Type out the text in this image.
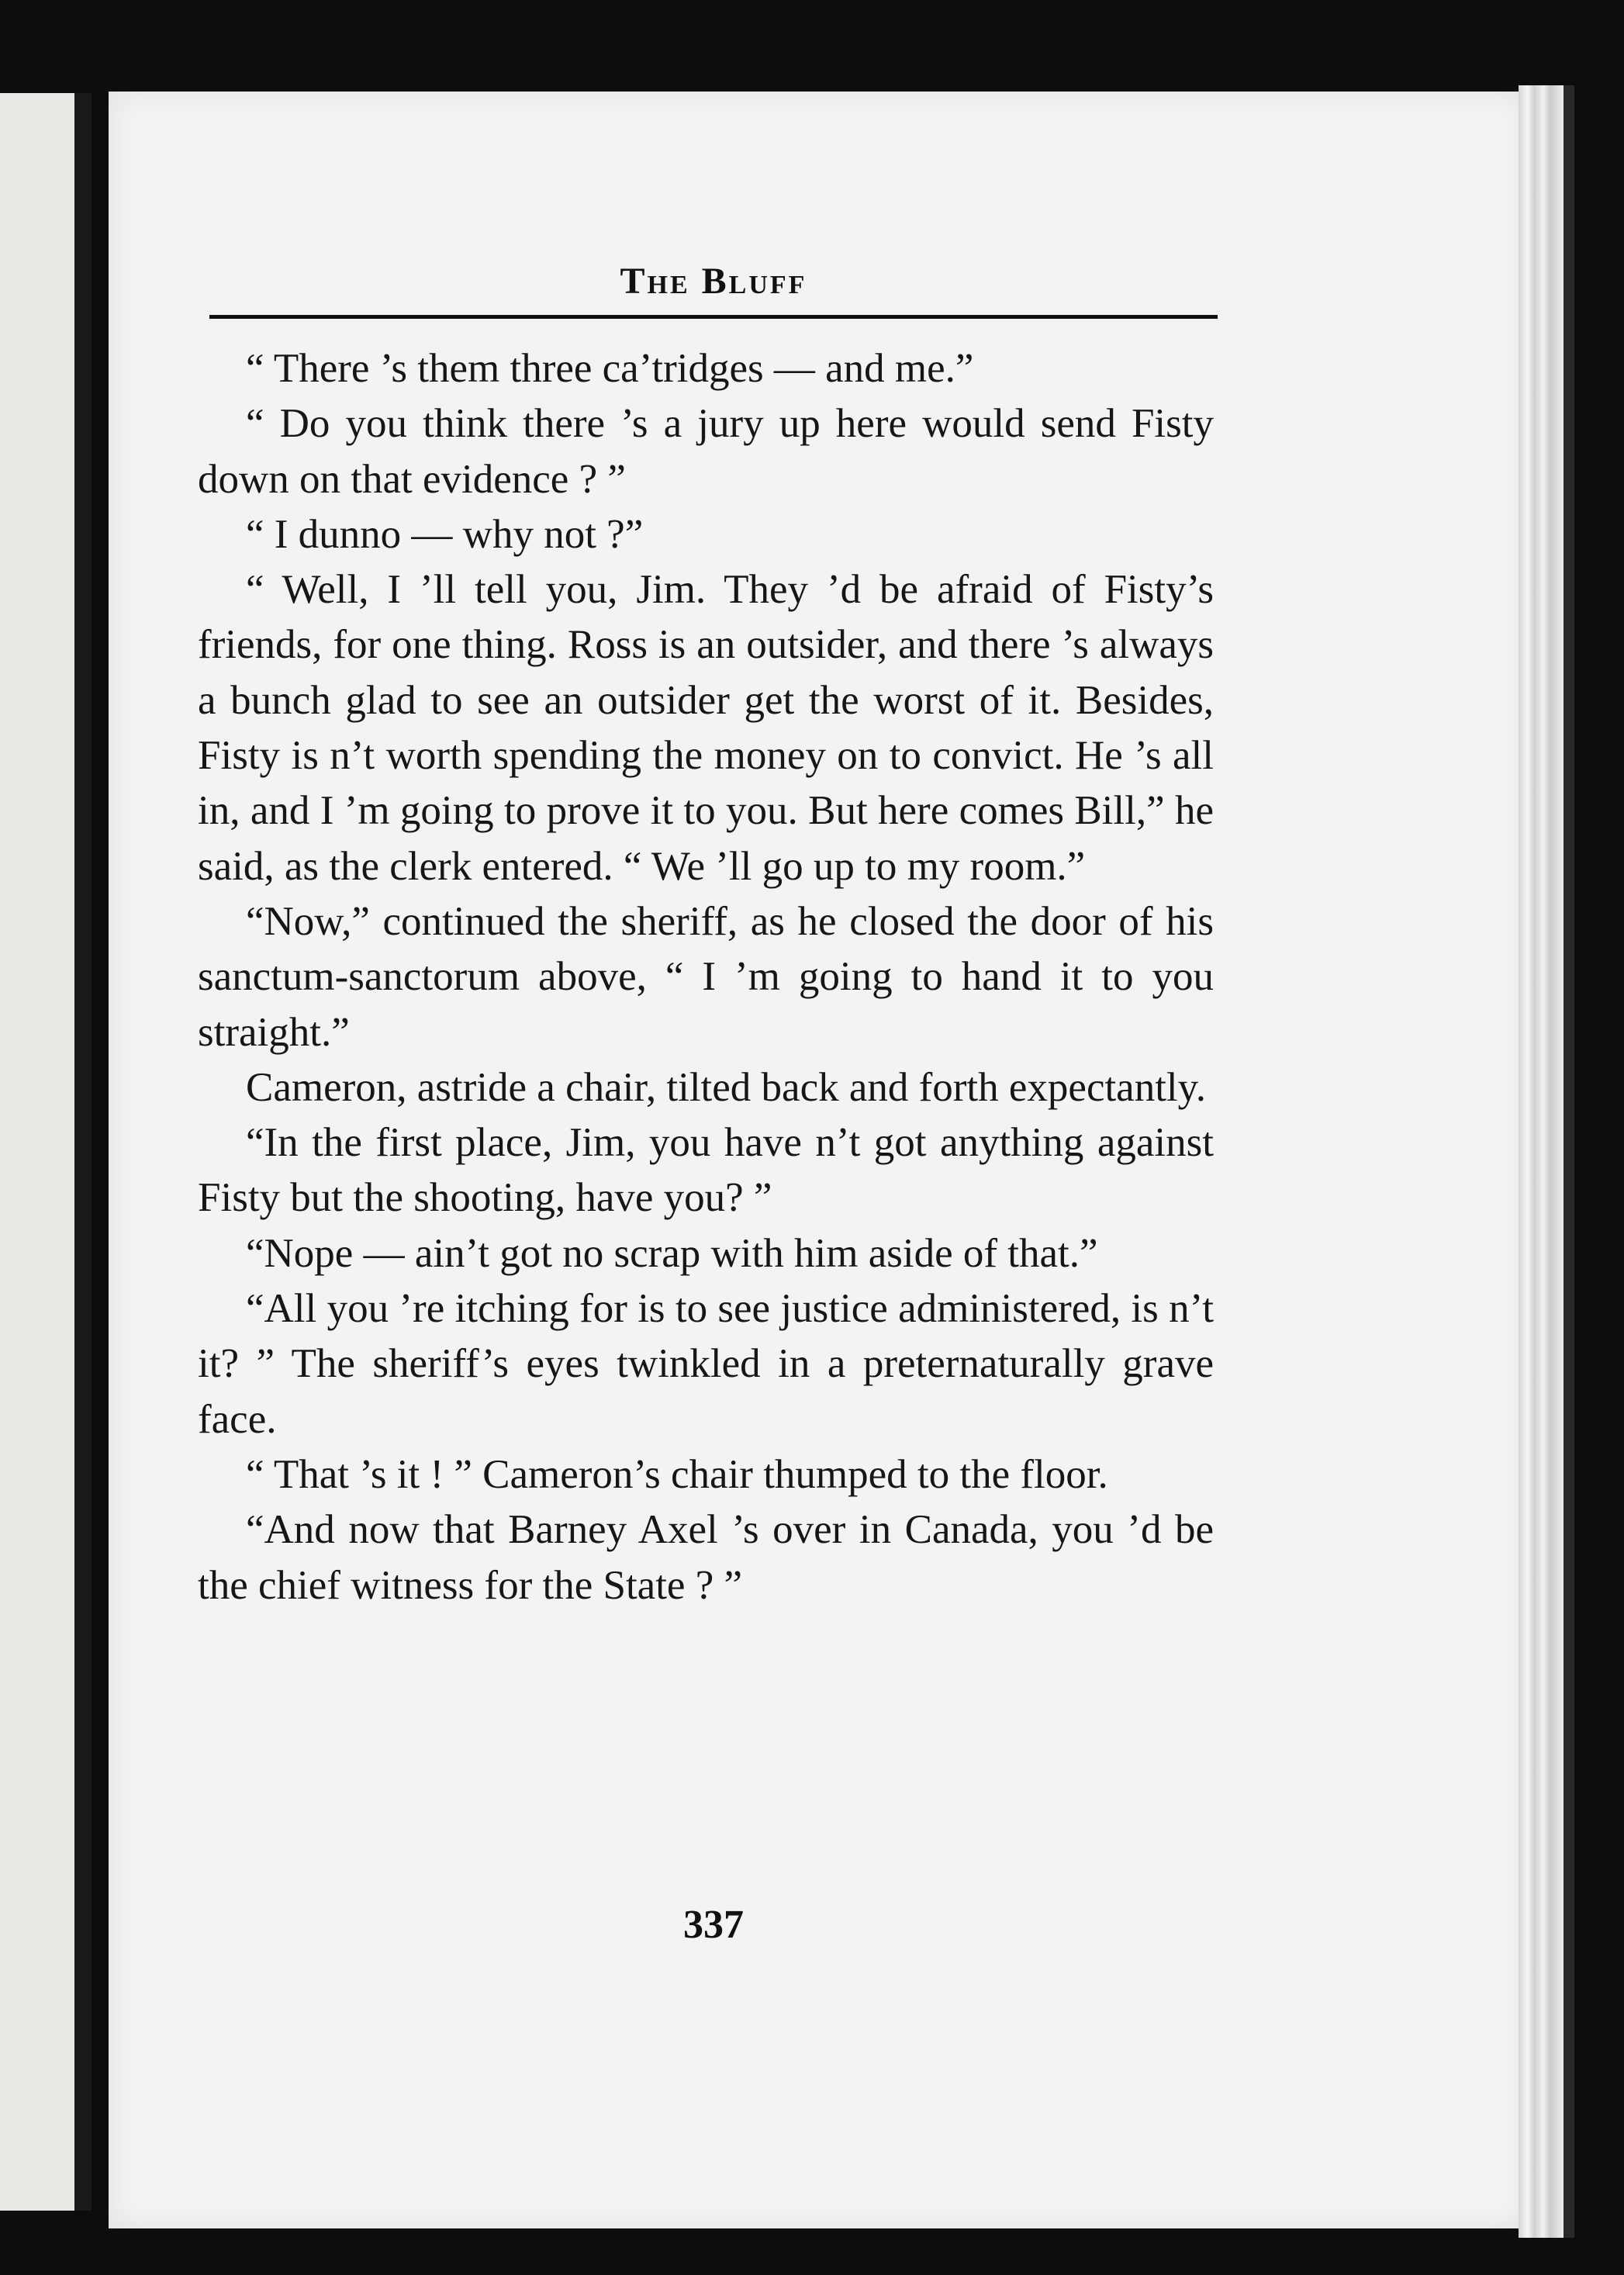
The Bluff

“ There ’s them three ca’tridges — and me.”

“ Do you think there ’s a jury up here would send Fisty down on that evidence ? ”

“ I dunno — why not ?”

“ Well, I ’ll tell you, Jim. They ’d be afraid of Fisty’s friends, for one thing. Ross is an outsider, and there ’s always a bunch glad to see an outsider get the worst of it. Besides, Fisty is n’t worth spending the money on to convict. He ’s all in, and I ’m going to prove it to you. But here comes Bill,” he said, as the clerk entered. “ We ’ll go up to my room.”

“Now,” continued the sheriff, as he closed the door of his sanctum-sanctorum above, “ I ’m going to hand it to you straight.”

Cameron, astride a chair, tilted back and forth expectantly.

“In the first place, Jim, you have n’t got anything against Fisty but the shooting, have you? ”

“Nope — ain’t got no scrap with him aside of that.”

“All you ’re itching for is to see justice administered, is n’t it? ” The sheriff’s eyes twinkled in a preternaturally grave face.

“ That ’s it ! ” Cameron’s chair thumped to the floor.

“And now that Barney Axel ’s over in Canada, you ’d be the chief witness for the State ? ”

337
